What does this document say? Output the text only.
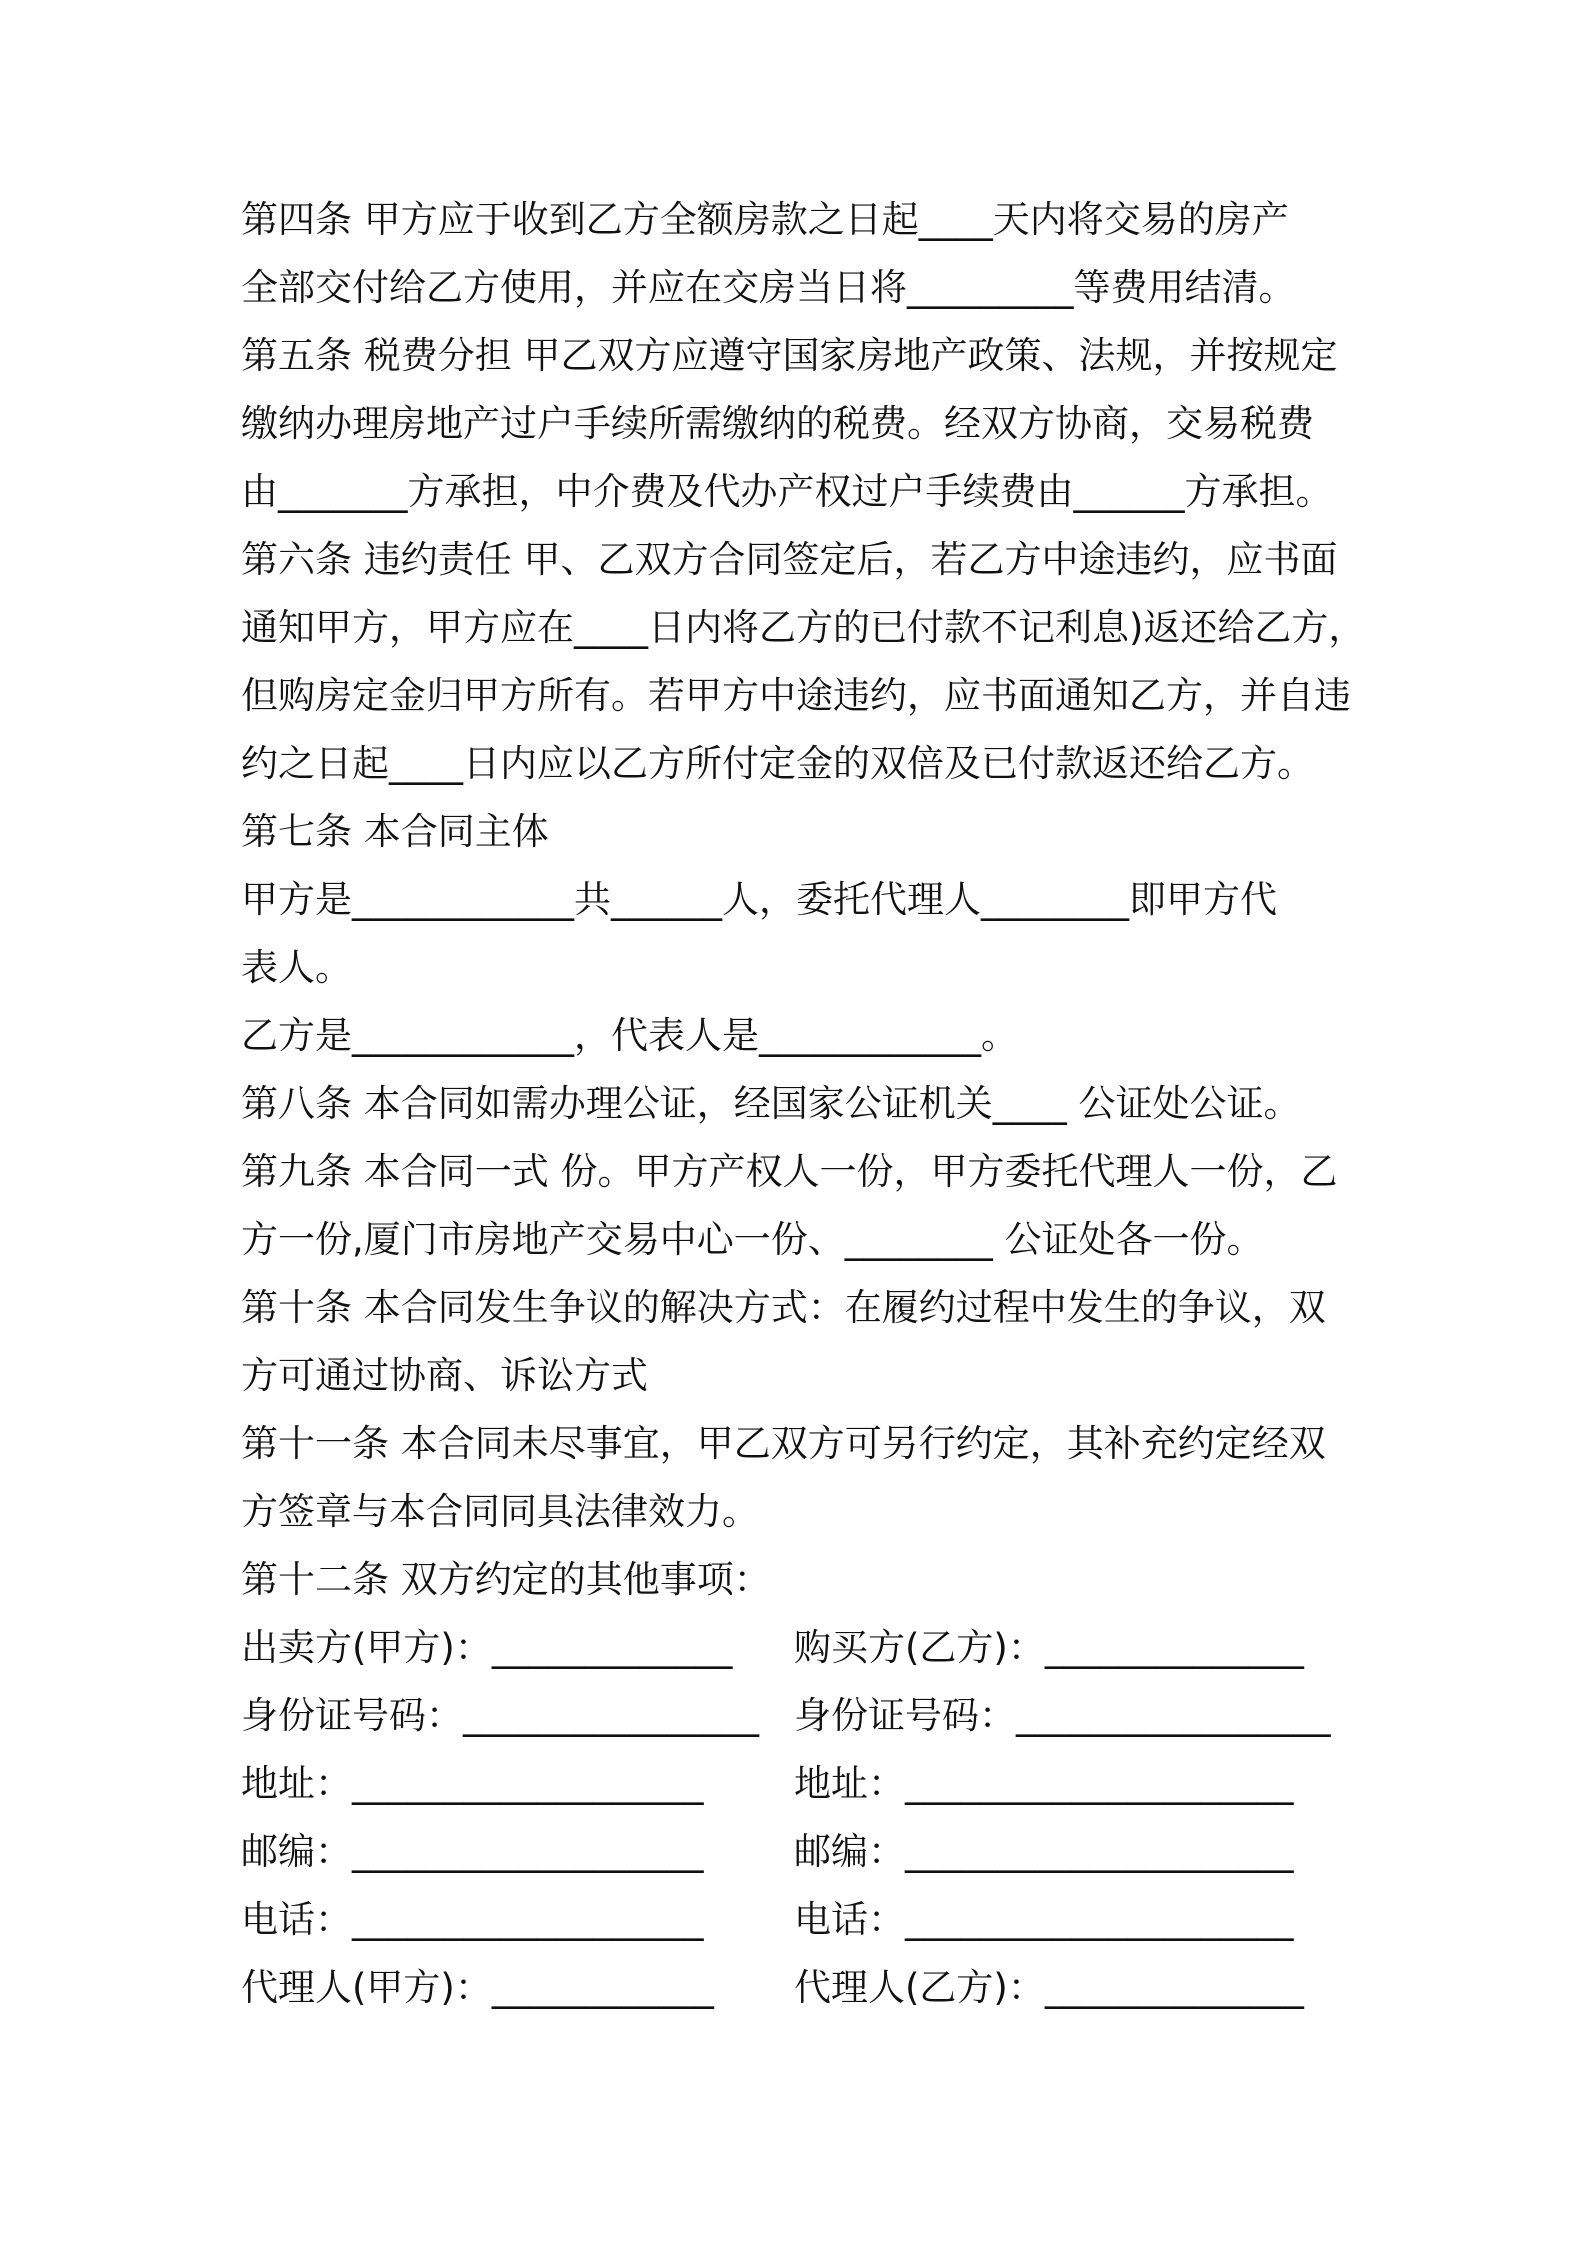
第四条 甲方应于收到乙方全额房款之日起____天内将交易的房产
全部交付给乙方使用，并应在交房当日将_________等费用结清。
第五条 税费分担 甲乙双方应遵守国家房地产政策、法规，并按规定
缴纳办理房地产过户手续所需缴纳的税费。经双方协商，交易税费
由_______方承担，中介费及代办产权过户手续费由______方承担。
第六条 违约责任 甲、乙双方合同签定后，若乙方中途违约，应书面
通知甲方，甲方应在____日内将乙方的已付款不记利息)返还给乙方，
但购房定金归甲方所有。若甲方中途违约，应书面通知乙方，并自违
约之日起____日内应以乙方所付定金的双倍及已付款返还给乙方。
第七条 本合同主体
甲方是____________共______人，委托代理人________即甲方代
表人。
乙方是____________，代表人是____________。
第八条 本合同如需办理公证，经国家公证机关____ 公证处公证。
第九条 本合同一式 份。甲方产权人一份，甲方委托代理人一份，乙
方一份,厦门市房地产交易中心一份、________ 公证处各一份。
第十条 本合同发生争议的解决方式：在履约过程中发生的争议，双
方可通过协商、诉讼方式
第十一条 本合同未尽事宜，甲乙双方可另行约定，其补充约定经双
方签章与本合同同具法律效力。
第十二条 双方约定的其他事项：
出卖方(甲方)：_____________ 购买方(乙方)：______________
身份证号码：________________ 身份证号码：_________________
地址：___________________ 地址：_____________________
邮编：___________________ 邮编：_____________________
电话：___________________ 电话：_____________________
代理人(甲方)：____________ 代理人(乙方)：______________
